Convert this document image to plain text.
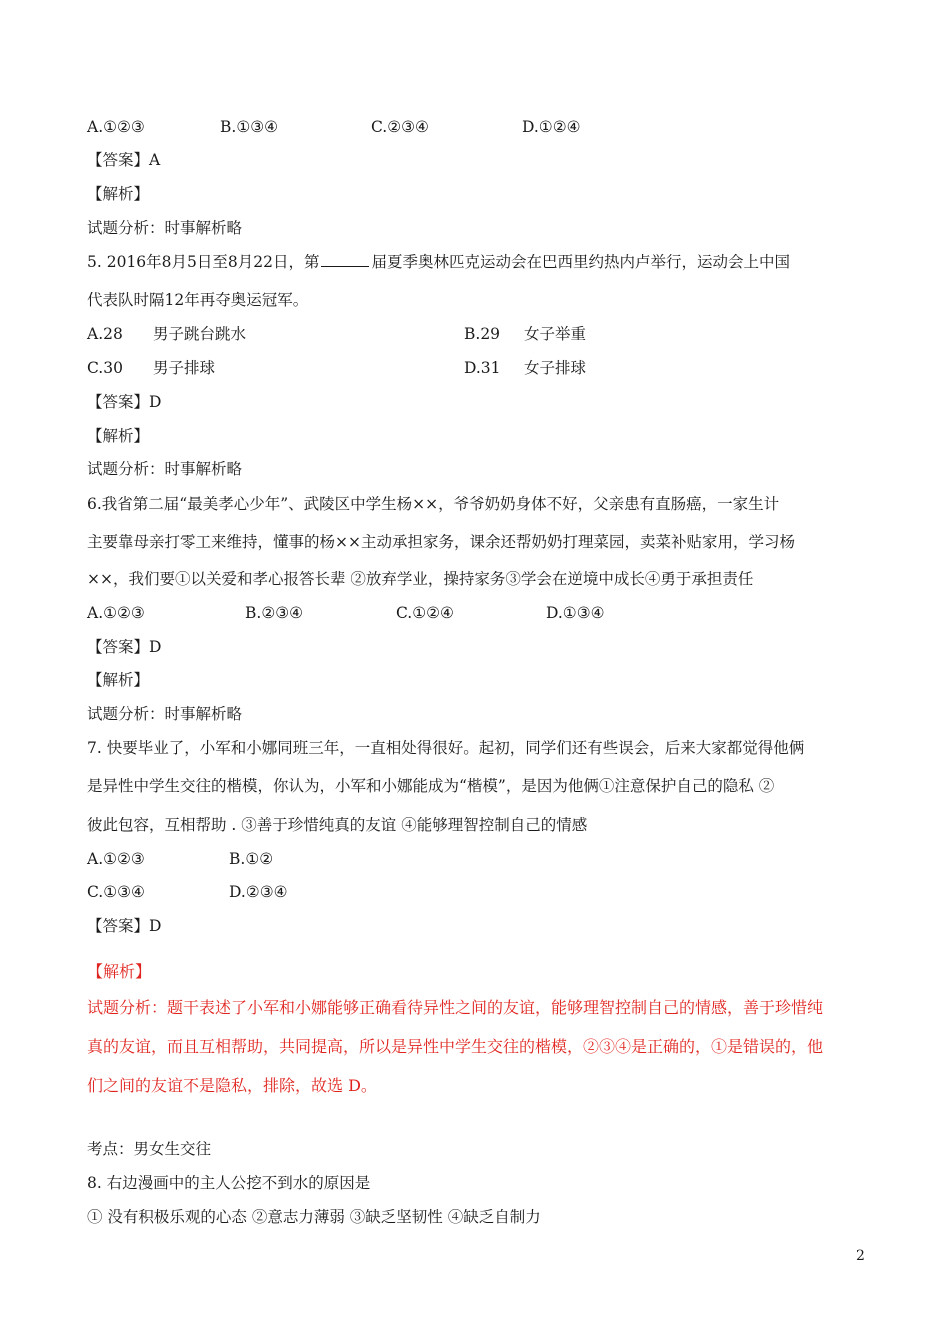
A.①②③	B.①③④	C.②③④	D.①②④
【答案】A
【解析】
试题分析：时事解析略
5. 2016年8月5日至8月22日，第	届夏季奥林匹克运动会在巴西里约热内卢举行，运动会上中国
代表队时隔12年再夺奥运冠军。
A.28 男子跳台跳水	B.29 女子举重
C.30 男子排球	D.31 女子排球
【答案】D
【解析】
试题分析：时事解析略
6.我省第二届“最美孝心少年”、武陵区中学生杨××，爷爷奶奶身体不好，父亲患有直肠癌，一家生计
主要靠母亲打零工来维持，懂事的杨××主动承担家务，课余还帮奶奶打理菜园，卖菜补贴家用，学习杨
××，我们要①以关爱和孝心报答长辈 ②放弃学业，操持家务③学会在逆境中成长④勇于承担责任
A.①②③	B.②③④	C.①②④	D.①③④
【答案】D
【解析】
试题分析：时事解析略
7. 快要毕业了，小军和小娜同班三年，一直相处得很好。起初，同学们还有些误会，后来大家都觉得他俩
是异性中学生交往的楷模，你认为，小军和小娜能成为“楷模”，是因为他俩①注意保护自己的隐私 ②
彼此包容，互相帮助 . ③善于珍惜纯真的友谊 ④能够理智控制自己的情感
A.①②③	B.①②
C.①③④	D.②③④
【答案】D
【解析】
试题分析：题干表述了小军和小娜能够正确看待异性之间的友谊，能够理智控制自己的情感，善于珍惜纯
真的友谊，而且互相帮助，共同提高，所以是异性中学生交往的楷模，②③④是正确的，①是错误的，他
们之间的友谊不是隐私，排除，故选 D。
考点：男女生交往
8. 右边漫画中的主人公挖不到水的原因是
① 没有积极乐观的心态 ②意志力薄弱 ③缺乏坚韧性 ④缺乏自制力
2
